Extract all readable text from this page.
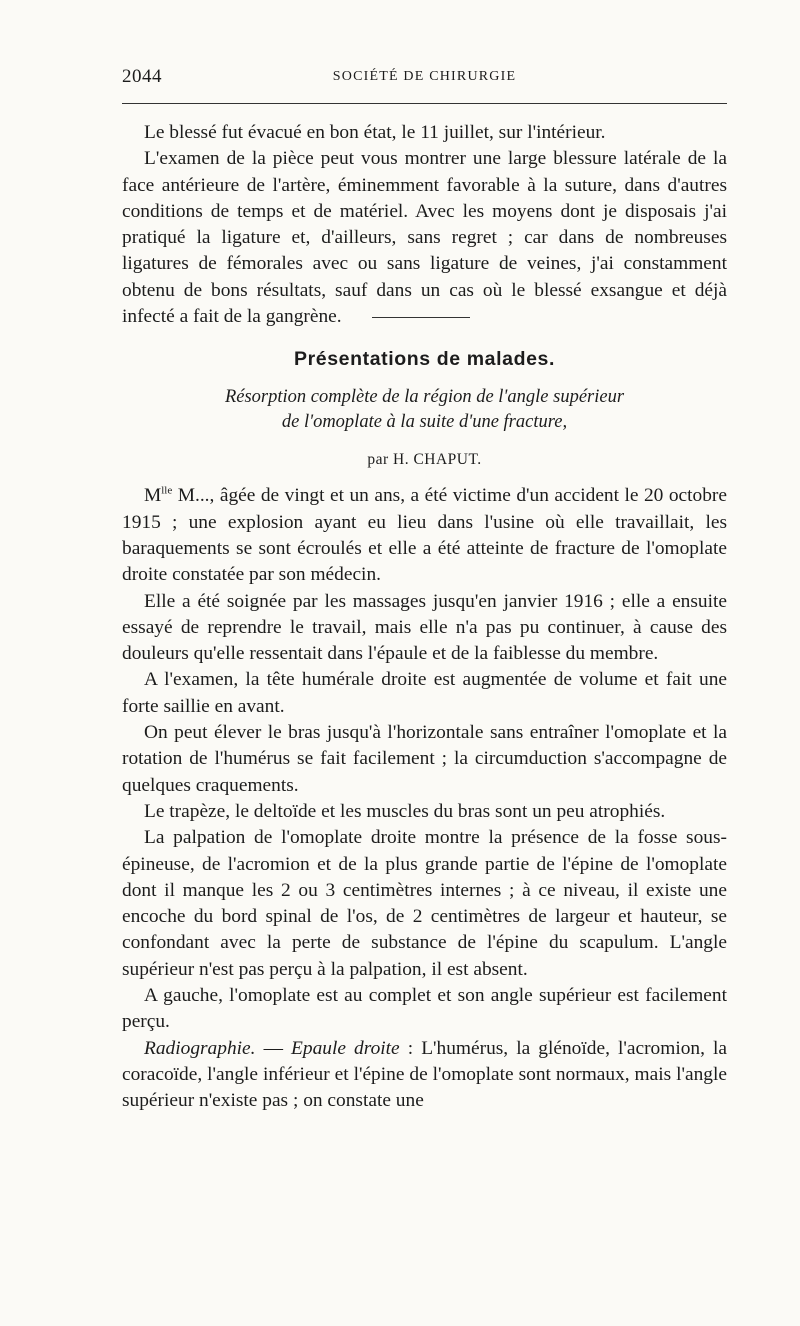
2044	SOCIÉTÉ DE CHIRURGIE

Le blessé fut évacué en bon état, le 11 juillet, sur l'intérieur.

L'examen de la pièce peut vous montrer une large blessure latérale de la face antérieure de l'artère, éminemment favorable à la suture, dans d'autres conditions de temps et de matériel. Avec les moyens dont je disposais j'ai pratiqué la ligature et, d'ailleurs, sans regret ; car dans de nombreuses ligatures de fémorales avec ou sans ligature de veines, j'ai constamment obtenu de bons résultats, sauf dans un cas où le blessé exsangue et déjà infecté a fait de la gangrène.

Présentations de malades.
Résorption complète de la région de l'angle supérieur
de l'omoplate à la suite d'une fracture,
par H. CHAPUT.

$M^{lle}$ M..., âgée de vingt et un ans, a été victime d'un accident le 20 octobre 1915 ; une explosion ayant eu lieu dans l'usine où elle travaillait, les baraquements se sont écroulés et elle a été atteinte de fracture de l'omoplate droite constatée par son médecin.

Elle a été soignée par les massages jusqu'en janvier 1916 ; elle a ensuite essayé de reprendre le travail, mais elle n'a pas pu continuer, à cause des douleurs qu'elle ressentait dans l'épaule et de la faiblesse du membre.

A l'examen, la tête humérale droite est augmentée de volume et fait une forte saillie en avant.

On peut élever le bras jusqu'à l'horizontale sans entraîner l'omoplate et la rotation de l'humérus se fait facilement ; la circumduction s'accompagne de quelques craquements.

Le trapèze, le deltoïde et les muscles du bras sont un peu atrophiés.

La palpation de l'omoplate droite montre la présence de la fosse sous-épineuse, de l'acromion et de la plus grande partie de l'épine de l'omoplate dont il manque les 2 ou 3 centimètres internes ; à ce niveau, il existe une encoche du bord spinal de l'os, de 2 centimètres de largeur et hauteur, se confondant avec la perte de substance de l'épine du scapulum. L'angle supérieur n'est pas perçu à la palpation, il est absent.

A gauche, l'omoplate est au complet et son angle supérieur est facilement perçu.

Radiographie. — Epaule droite : L'humérus, la glénoïde, l'acromion, la coracoïde, l'angle inférieur et l'épine de l'omoplate sont normaux, mais l'angle supérieur n'existe pas ; on constate une
